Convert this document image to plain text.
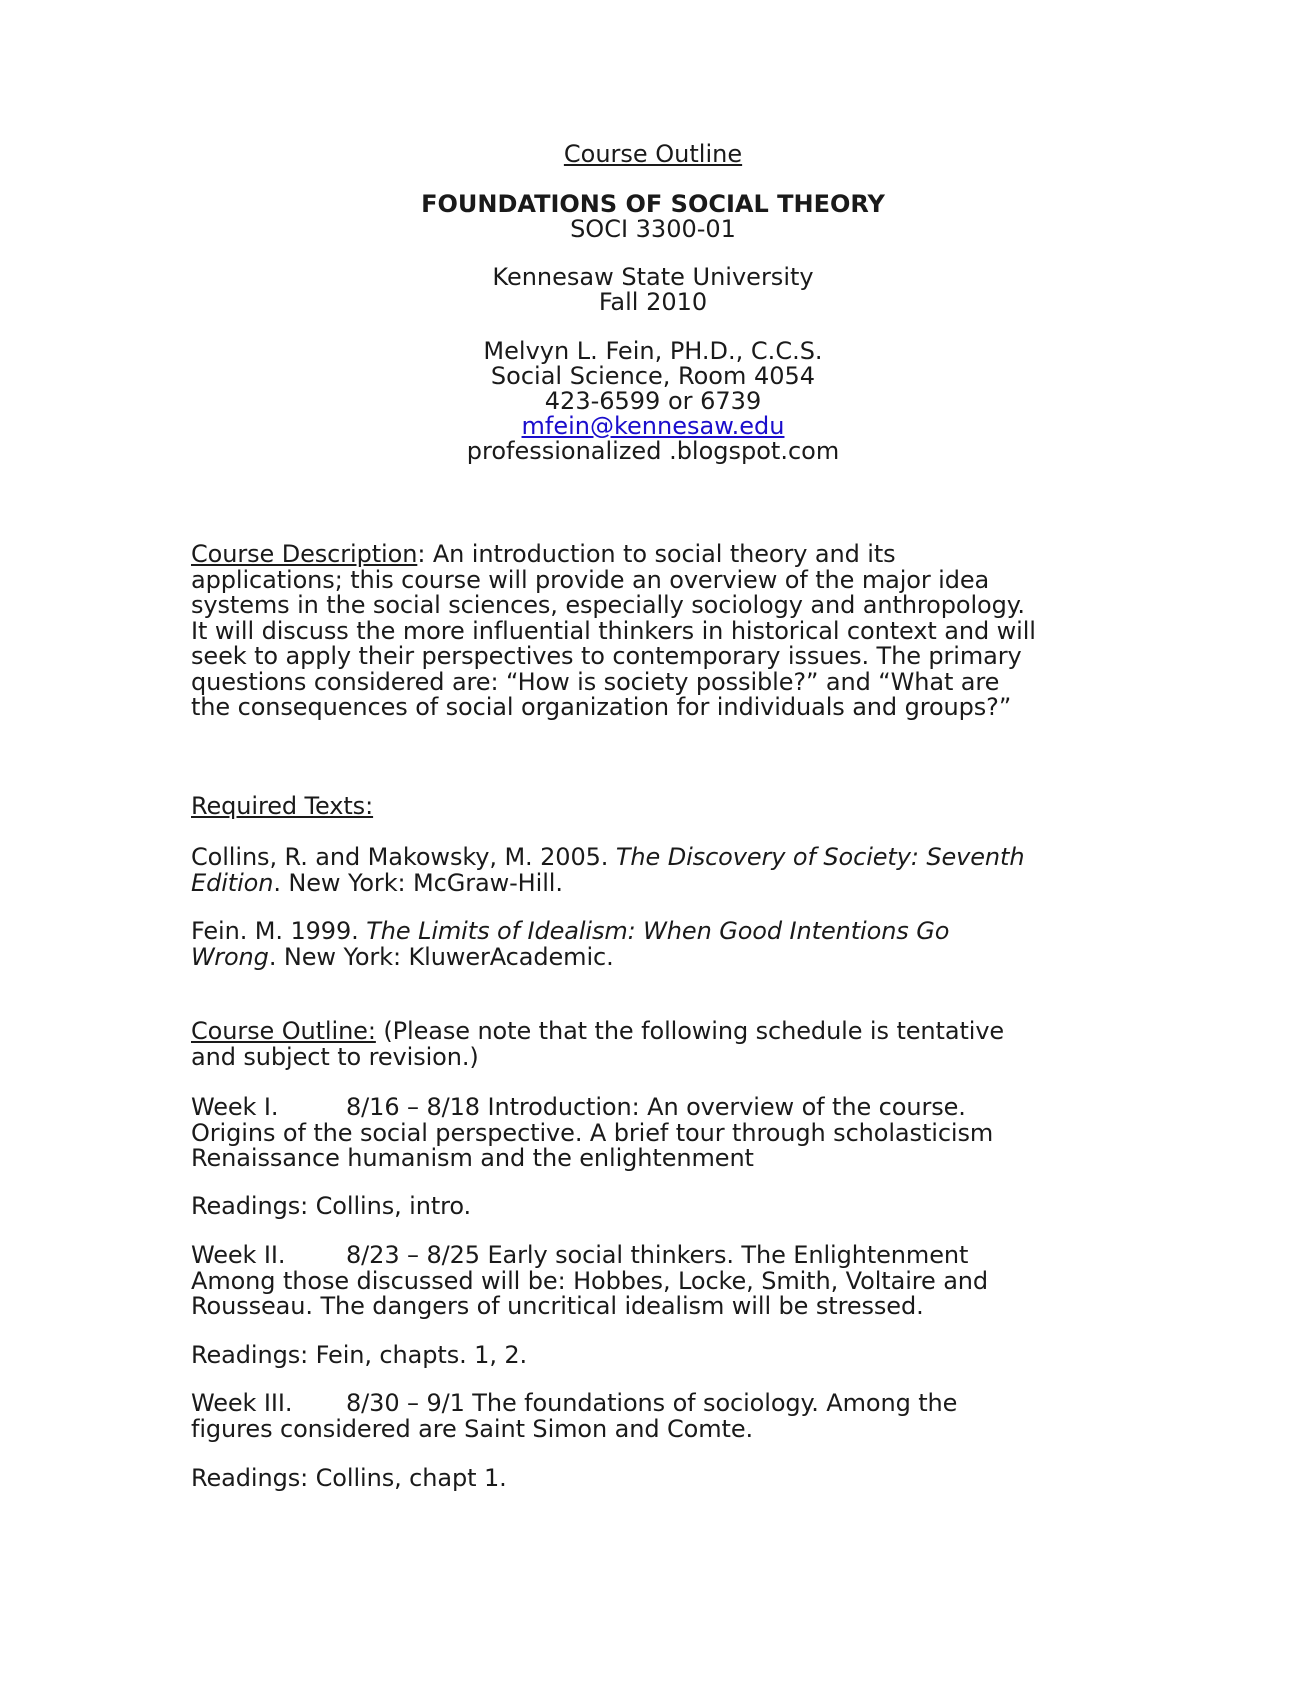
Course Outline
FOUNDATIONS OF SOCIAL THEORY
SOCI 3300-01
Kennesaw State University
Fall 2010
Melvyn L. Fein, PH.D., C.C.S.
Social Science, Room 4054
423-6599 or 6739
mfein@kennesaw.edu
professionalized .blogspot.com

Course Description: An introduction to social theory and its

applications; this course will provide an overview of the major idea

systems in the social sciences, especially sociology and anthropology.

It will discuss the more influential thinkers in historical context and will

seek to apply their perspectives to contemporary issues. The primary

questions considered are: “How is society possible?” and “What are

the consequences of social organization for individuals and groups?”

Required Texts:

Collins, R. and Makowsky, M. 2005. The Discovery of Society: Seventh

Edition. New York: McGraw-Hill.

Fein. M. 1999. The Limits of Idealism: When Good Intentions Go

Wrong. New York: KluwerAcademic.

Course Outline: (Please note that the following schedule is tentative

and subject to revision.)

Week I.	8/16 – 8/18 Introduction: An overview of the course.

Origins of the social perspective. A brief tour through scholasticism

Renaissance humanism and the enlightenment

Readings: Collins, intro.

Week II.	8/23 – 8/25 Early social thinkers. The Enlightenment

Among those discussed will be: Hobbes, Locke, Smith, Voltaire and

Rousseau. The dangers of uncritical idealism will be stressed.

Readings: Fein, chapts. 1, 2.

Week III. 8/30 – 9/1 The foundations of sociology. Among the

figures considered are Saint Simon and Comte.

Readings: Collins, chapt 1.
